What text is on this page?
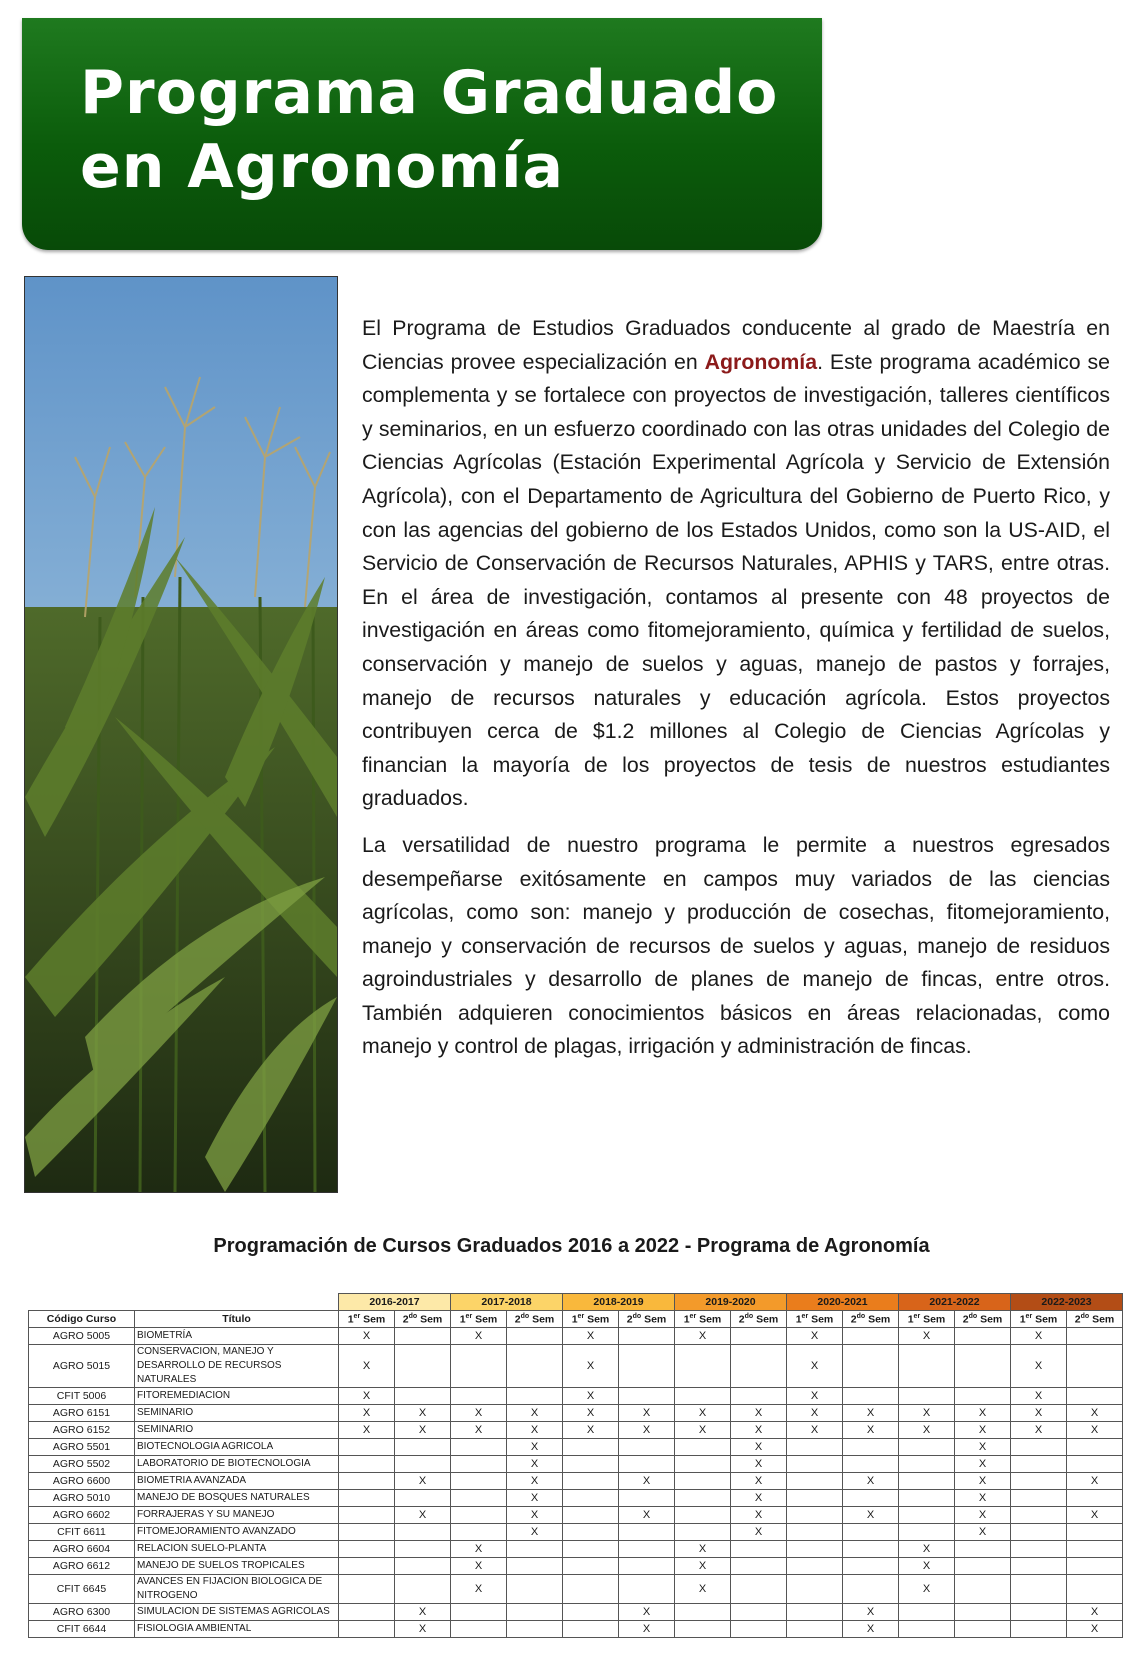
Programa Graduado
en Agronomía

El Programa de Estudios Graduados conducente al grado de Maestría en Ciencias provee especialización en Agronomía. Este programa académico se complementa y se fortalece con proyectos de investigación, talleres científicos y seminarios, en un esfuerzo coordinado con las otras unidades del Colegio de Ciencias Agrícolas (Estación Experimental Agrícola y Servicio de Extensión Agrícola), con el Departamento de Agricultura del Gobierno de Puerto Rico, y con las agencias del gobierno de los Estados Unidos, como son la US-AID, el Servicio de Conservación de Recursos Naturales, APHIS y TARS, entre otras. En el área de investigación, contamos al presente con 48 proyectos de investigación en áreas como fitomejoramiento, química y fertilidad de suelos, conservación y manejo de suelos y aguas, manejo de pastos y forrajes, manejo de recursos naturales y educación agrícola. Estos proyectos contribuyen cerca de $1.2 millones al Colegio de Ciencias Agrícolas y financian la mayoría de los proyectos de tesis de nuestros estudiantes graduados.

La versatilidad de nuestro programa le permite a nuestros egresados desempeñarse exitósamente en campos muy variados de las ciencias agrícolas, como son: manejo y producción de cosechas, fitomejoramiento, manejo y conservación de recursos de suelos y aguas, manejo de residuos agroindustriales y desarrollo de planes de manejo de fincas, entre otros. También adquieren conocimientos básicos en áreas relacionadas, como manejo y control de plagas, irrigación y administración de fincas.

Programación de Cursos Graduados 2016 a 2022 - Programa de Agronomía
		2016-2017		2017-2018		2018-2019		2019-2020		2020-2021		2021-2022		2022-2023	
Código Curso	Título	1er Sem	$2^{do}$ Sem	1er Sem	$2^{do}$ Sem	1er Sem	$2^{do}$ Sem	1er Sem	$2^{do}$ Sem	1er Sem	$2^{do}$ Sem	1er Sem	$2^{do}$ Sem	1er Sem	$2^{do}$ Sem
AGRO 5005	BIOMETRÍA	X		X		X		X		X		X		X	
AGRO 5015	CONSERVACION, MANEJO Y DESARROLLO DE RECURSOS NATURALES	X				X				X				X	
CFIT 5006	FITOREMEDIACION	X				X				X				X	
AGRO 6151	SEMINARIO	X	X	X	X	X	X	X	X	X	X	X	X	X	X
AGRO 6152	SEMINARIO	X	X	X	X	X	X	X	X	X	X	X	X	X	X
AGRO 5501	BIOTECNOLOGIA AGRICOLA				X				X				X		
AGRO 5502	LABORATORIO DE BIOTECNOLOGIA				X				X				X		
AGRO 6600	BIOMETRIA AVANZADA		X		X		X		X		X		X		X
AGRO 5010	MANEJO DE BOSQUES NATURALES				X				X				X		
AGRO 6602	FORRAJERAS Y SU MANEJO		X		X		X		X		X		X		X
CFIT 6611	FITOMEJORAMIENTO AVANZADO				X				X				X		
AGRO 6604	RELACION SUELO-PLANTA			X				X				X			
AGRO 6612	MANEJO DE SUELOS TROPICALES			X				X				X			
CFIT 6645	AVANCES EN FIJACION BIOLOGICA DE NITROGENO			X				X				X			
AGRO 6300	SIMULACION DE SISTEMAS AGRICOLAS		X				X				X				X
CFIT 6644	FISIOLOGIA AMBIENTAL		X				X				X				X
